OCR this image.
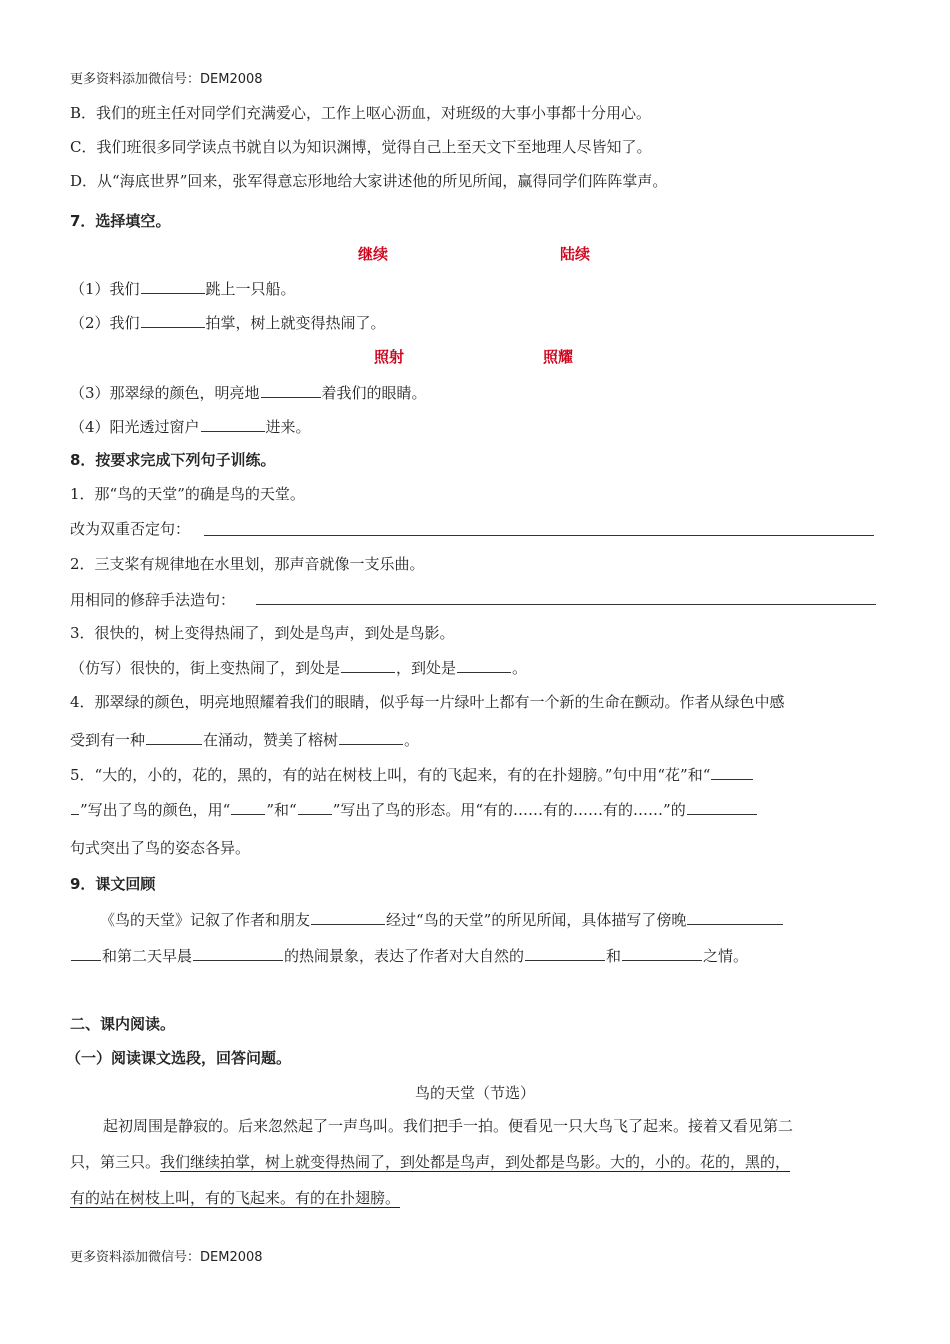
更多资料添加微信号：DEM2008
B．我们的班主任对同学们充满爱心，工作上呕心沥血，对班级的大事小事都十分用心。
C．我们班很多同学读点书就自以为知识渊博，觉得自己上至天文下至地理人尽皆知了。
D．从“海底世界”回来，张军得意忘形地给大家讲述他的所见所闻，赢得同学们阵阵掌声。
7．选择填空。
继续	陆续
（1）我们	跳上一只船。
（2）我们	拍掌，树上就变得热闹了。
照射	照耀
（3）那翠绿的颜色，明亮地	着我们的眼睛。
（4）阳光透过窗户	进来。
8．按要求完成下列句子训练。
1．那“鸟的天堂”的确是鸟的天堂。
改为双重否定句：
2．三支桨有规律地在水里划，那声音就像一支乐曲。
用相同的修辞手法造句：
3．很快的，树上变得热闹了，到处是鸟声，到处是鸟影。
（仿写）很快的，街上变热闹了，到处是	，到处是	。
4．那翠绿的颜色，明亮地照耀着我们的眼睛，似乎每一片绿叶上都有一个新的生命在颤动。作者从绿色中感
受到有一种	在涌动，赞美了榕树	。
5．“大的，小的，花的，黑的，有的站在树枝上叫，有的飞起来，有的在扑翅膀。”句中用“花”和“
”写出了鸟的颜色，用“ ”和“ ”写出了鸟的形态。用“有的……有的……有的……”的
句式突出了鸟的姿态各异。
9．课文回顾
《鸟的天堂》记叙了作者和朋友	经过“鸟的天堂”的所见所闻，具体描写了傍晚
和第二天早晨	的热闹景象，表达了作者对大自然的	和	之情。
二、课内阅读。
（一）阅读课文选段，回答问题。
鸟的天堂（节选）
起初周围是静寂的。后来忽然起了一声鸟叫。我们把手一拍。便看见一只大鸟飞了起来。接着又看见第二
只，第三只。我们继续拍掌，树上就变得热闹了，到处都是鸟声，到处都是鸟影。大的，小的。花的，黑的，
有的站在树枝上叫，有的飞起来。有的在扑翅膀。
更多资料添加微信号：DEM2008
